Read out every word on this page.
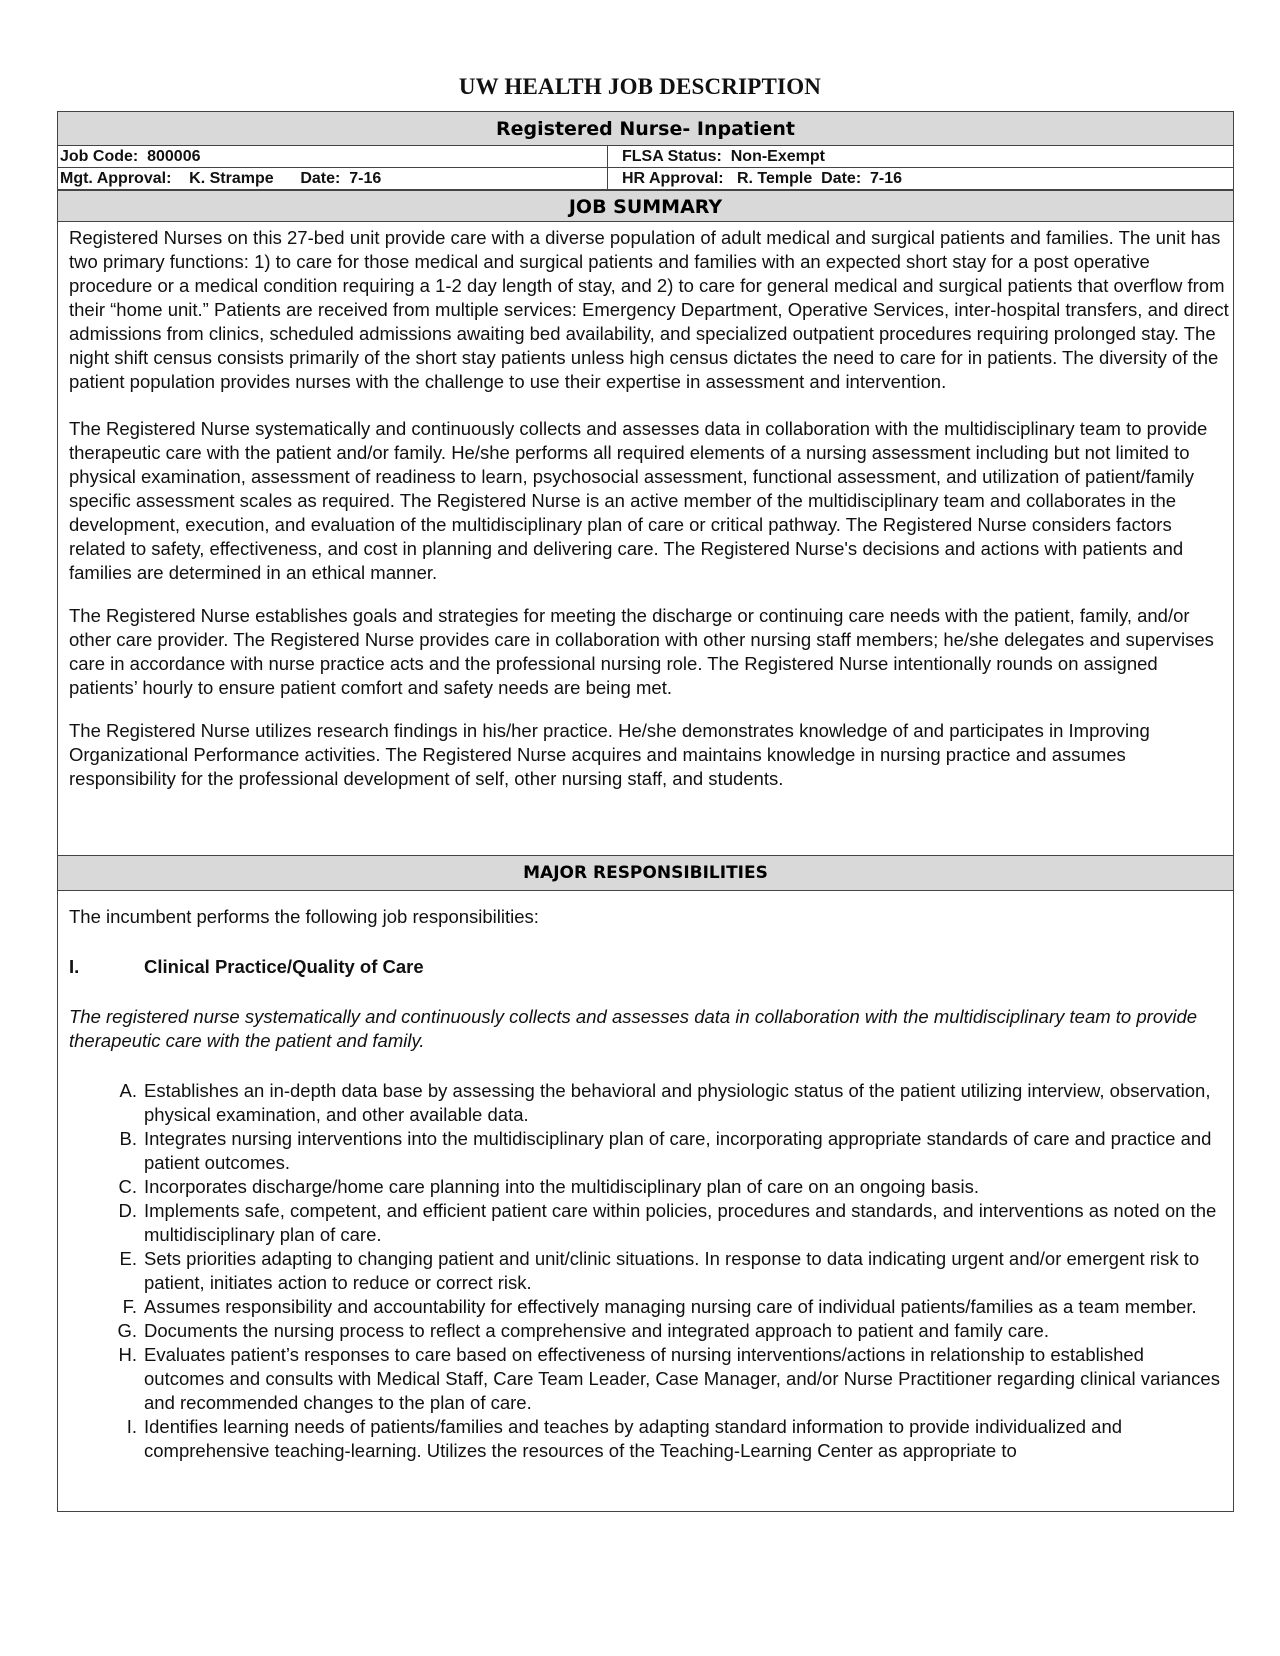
UW HEALTH JOB DESCRIPTION
Registered Nurse- Inpatient
Job Code:  800006	FLSA Status:  Non-Exempt
Mgt. Approval:    K. Strampe      Date:  7-16	HR Approval:   R. Temple  Date:  7-16
JOB SUMMARY

Registered Nurses on this 27-bed unit provide care with a diverse population of adult medical and surgical patients and families. The unit has two primary functions: 1) to care for those medical and surgical patients and families with an expected short stay for a post operative procedure or a medical condition requiring a 1-2 day length of stay, and 2) to care for general medical and surgical patients that overflow from their “home unit.” Patients are received from multiple services: Emergency Department, Operative Services, inter-hospital transfers, and direct admissions from clinics, scheduled admissions awaiting bed availability, and specialized outpatient procedures requiring prolonged stay. The night shift census consists primarily of the short stay patients unless high census dictates the need to care for in patients. The diversity of the patient population provides nurses with the challenge to use their expertise in assessment and intervention.

The Registered Nurse systematically and continuously collects and assesses data in collaboration with the multidisciplinary team to provide therapeutic care with the patient and/or family. He/she performs all required elements of a nursing assessment including but not limited to physical examination, assessment of readiness to learn, psychosocial assessment, functional assessment, and utilization of patient/family specific assessment scales as required. The Registered Nurse is an active member of the multidisciplinary team and collaborates in the development, execution, and evaluation of the multidisciplinary plan of care or critical pathway. The Registered Nurse considers factors related to safety, effectiveness, and cost in planning and delivering care. The Registered Nurse's decisions and actions with patients and families are determined in an ethical manner.

The Registered Nurse establishes goals and strategies for meeting the discharge or continuing care needs with the patient, family, and/or other care provider. The Registered Nurse provides care in collaboration with other nursing staff members; he/she delegates and supervises care in accordance with nurse practice acts and the professional nursing role. The Registered Nurse intentionally rounds on assigned patients’ hourly to ensure patient comfort and safety needs are being met.

The Registered Nurse utilizes research findings in his/her practice. He/she demonstrates knowledge of and participates in Improving Organizational Performance activities. The Registered Nurse acquires and maintains knowledge in nursing practice and assumes responsibility for the professional development of self, other nursing staff, and students.

MAJOR RESPONSIBILITIES

The incumbent performs the following job responsibilities:

I.	Clinical Practice/Quality of Care
The registered nurse systematically and continuously collects and assesses data in collaboration with the multidisciplinary team to provide therapeutic care with the patient and family.
A. Establishes an in-depth data base by assessing the behavioral and physiologic status of the patient utilizing interview, observation, physical examination, and other available data.
B. Integrates nursing interventions into the multidisciplinary plan of care, incorporating appropriate standards of care and practice and patient outcomes.
C. Incorporates discharge/home care planning into the multidisciplinary plan of care on an ongoing basis.
D. Implements safe, competent, and efficient patient care within policies, procedures and standards, and interventions as noted on the multidisciplinary plan of care.
E. Sets priorities adapting to changing patient and unit/clinic situations. In response to data indicating urgent and/or emergent risk to patient, initiates action to reduce or correct risk.
F. Assumes responsibility and accountability for effectively managing nursing care of individual patients/families as a team member.
G. Documents the nursing process to reflect a comprehensive and integrated approach to patient and family care.
H. Evaluates patient’s responses to care based on effectiveness of nursing interventions/actions in relationship to established outcomes and consults with Medical Staff, Care Team Leader, Case Manager, and/or Nurse Practitioner regarding clinical variances and recommended changes to the plan of care.
I. Identifies learning needs of patients/families and teaches by adapting standard information to provide individualized and comprehensive teaching-learning. Utilizes the resources of the Teaching-Learning Center as appropriate to
